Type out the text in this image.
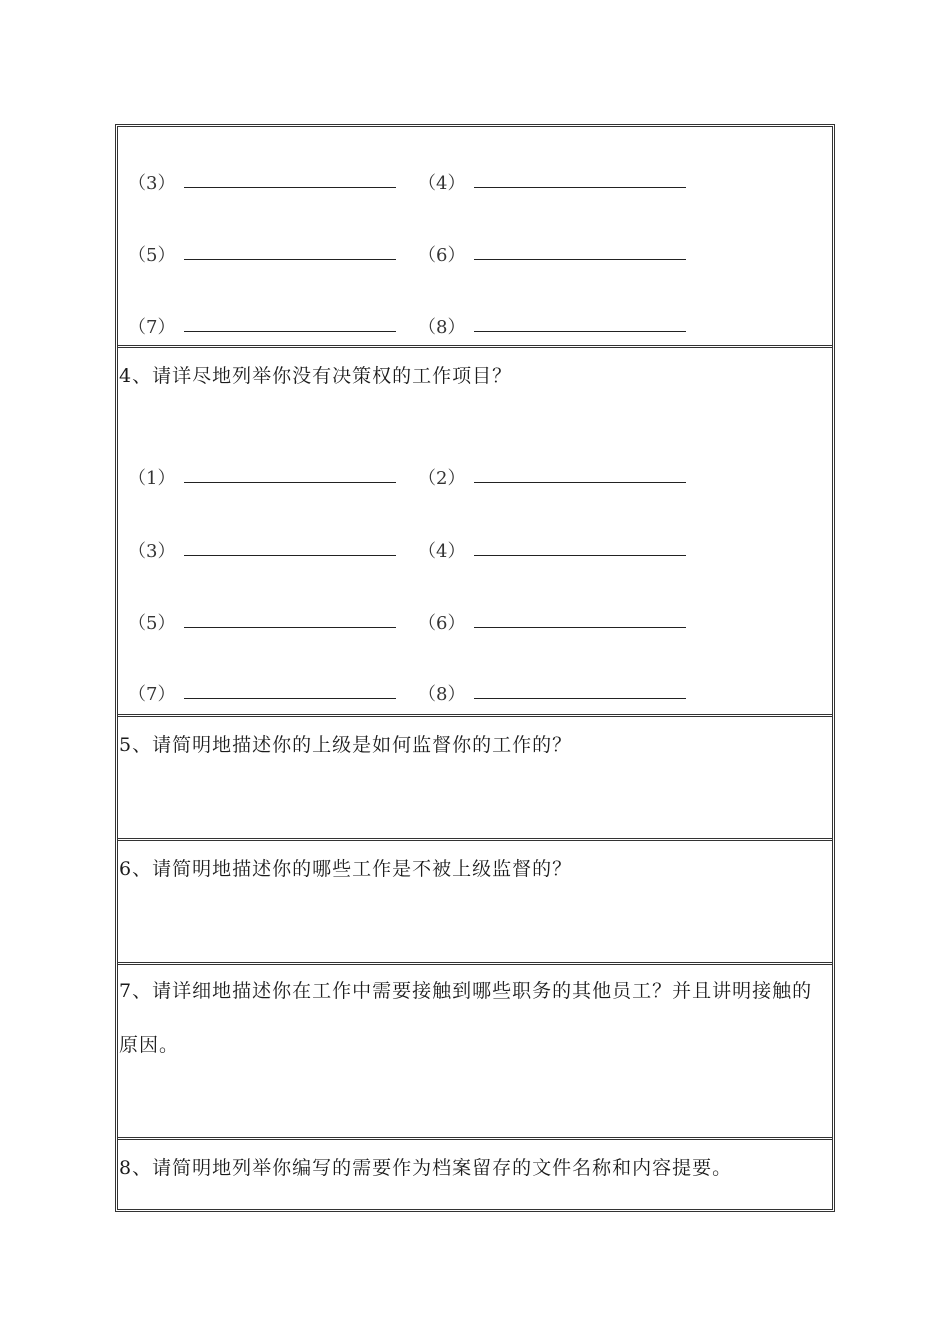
（3）	（4）
（5）	（6）
（7）	（8）
4、请详尽地列举你没有决策权的工作项目？
（1）	（2）
（3）	（4）
（5）	（6）
（7）	（8）
5、请简明地描述你的上级是如何监督你的工作的？
6、请简明地描述你的哪些工作是不被上级监督的？
7、请详细地描述你在工作中需要接触到哪些职务的其他员工？并且讲明接触的原因。
8、请简明地列举你编写的需要作为档案留存的文件名称和内容提要。
